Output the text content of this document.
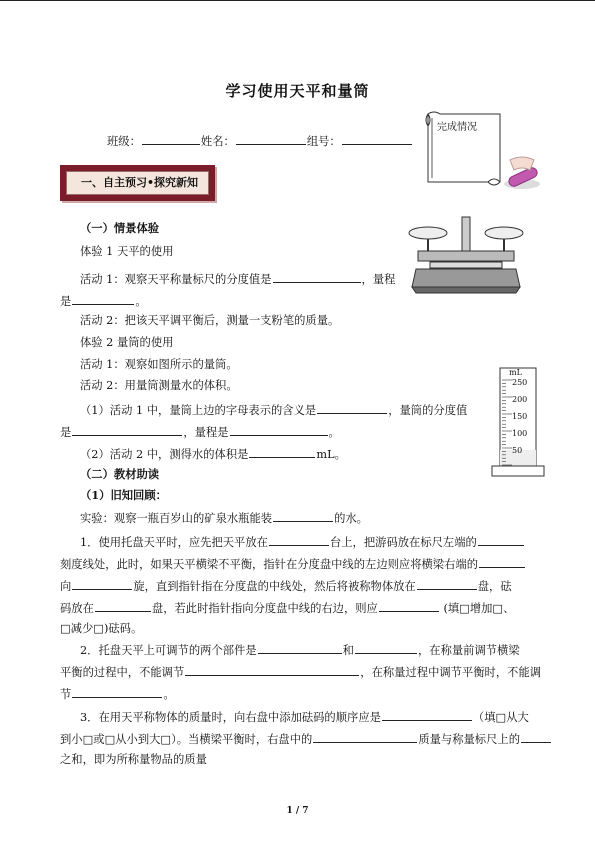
学习使用天平和量筒
班级：	姓名：	组号：
完成情况
一、自主预习•探究新知
（一）情景体验
体验 1 天平的使用
活动 1：观察天平称量标尺的分度值是	，量程
是	。
活动 2：把该天平调平衡后，测量一支粉笔的质量。
体验 2 量筒的使用
活动 1：观察如图所示的量筒。
活动 2：用量筒测量水的体积。
（1）活动 1 中，量筒上边的字母表示的含义是	，量筒的分度值
是	，量程是	。
（2）活动 2 中，测得水的体积是	mL。
mL
250
200
150
100
50
（二）教材助读
（1）旧知回顾：
实验：观察一瓶百岁山的矿泉水瓶能装	的水。
1．使用托盘天平时，应先把天平放在	台上，把游码放在标尺左端的
刻度线处，此时，如果天平横梁不平衡，指针在分度盘中线的左边则应将横梁右端的
向	旋，直到指针指在分度盘的中线处，然后将被称物体放在	盘，砝
码放在	盘，若此时指针指向分度盘中线的右边，则应	(填□增加□、
□减少□)砝码。
2．托盘天平上可调节的两个部件是	和	，在称量前调节横梁
平衡的过程中，不能调节	，在称量过程中调节平衡时，不能调
节	。
3．在用天平称物体的质量时，向右盘中添加砝码的顺序应是	（填□从大
到小□或□从小到大□）。当横梁平衡时，右盘中的	质量与称量标尺上的
之和，即为所称量物品的质量
1 / 7
